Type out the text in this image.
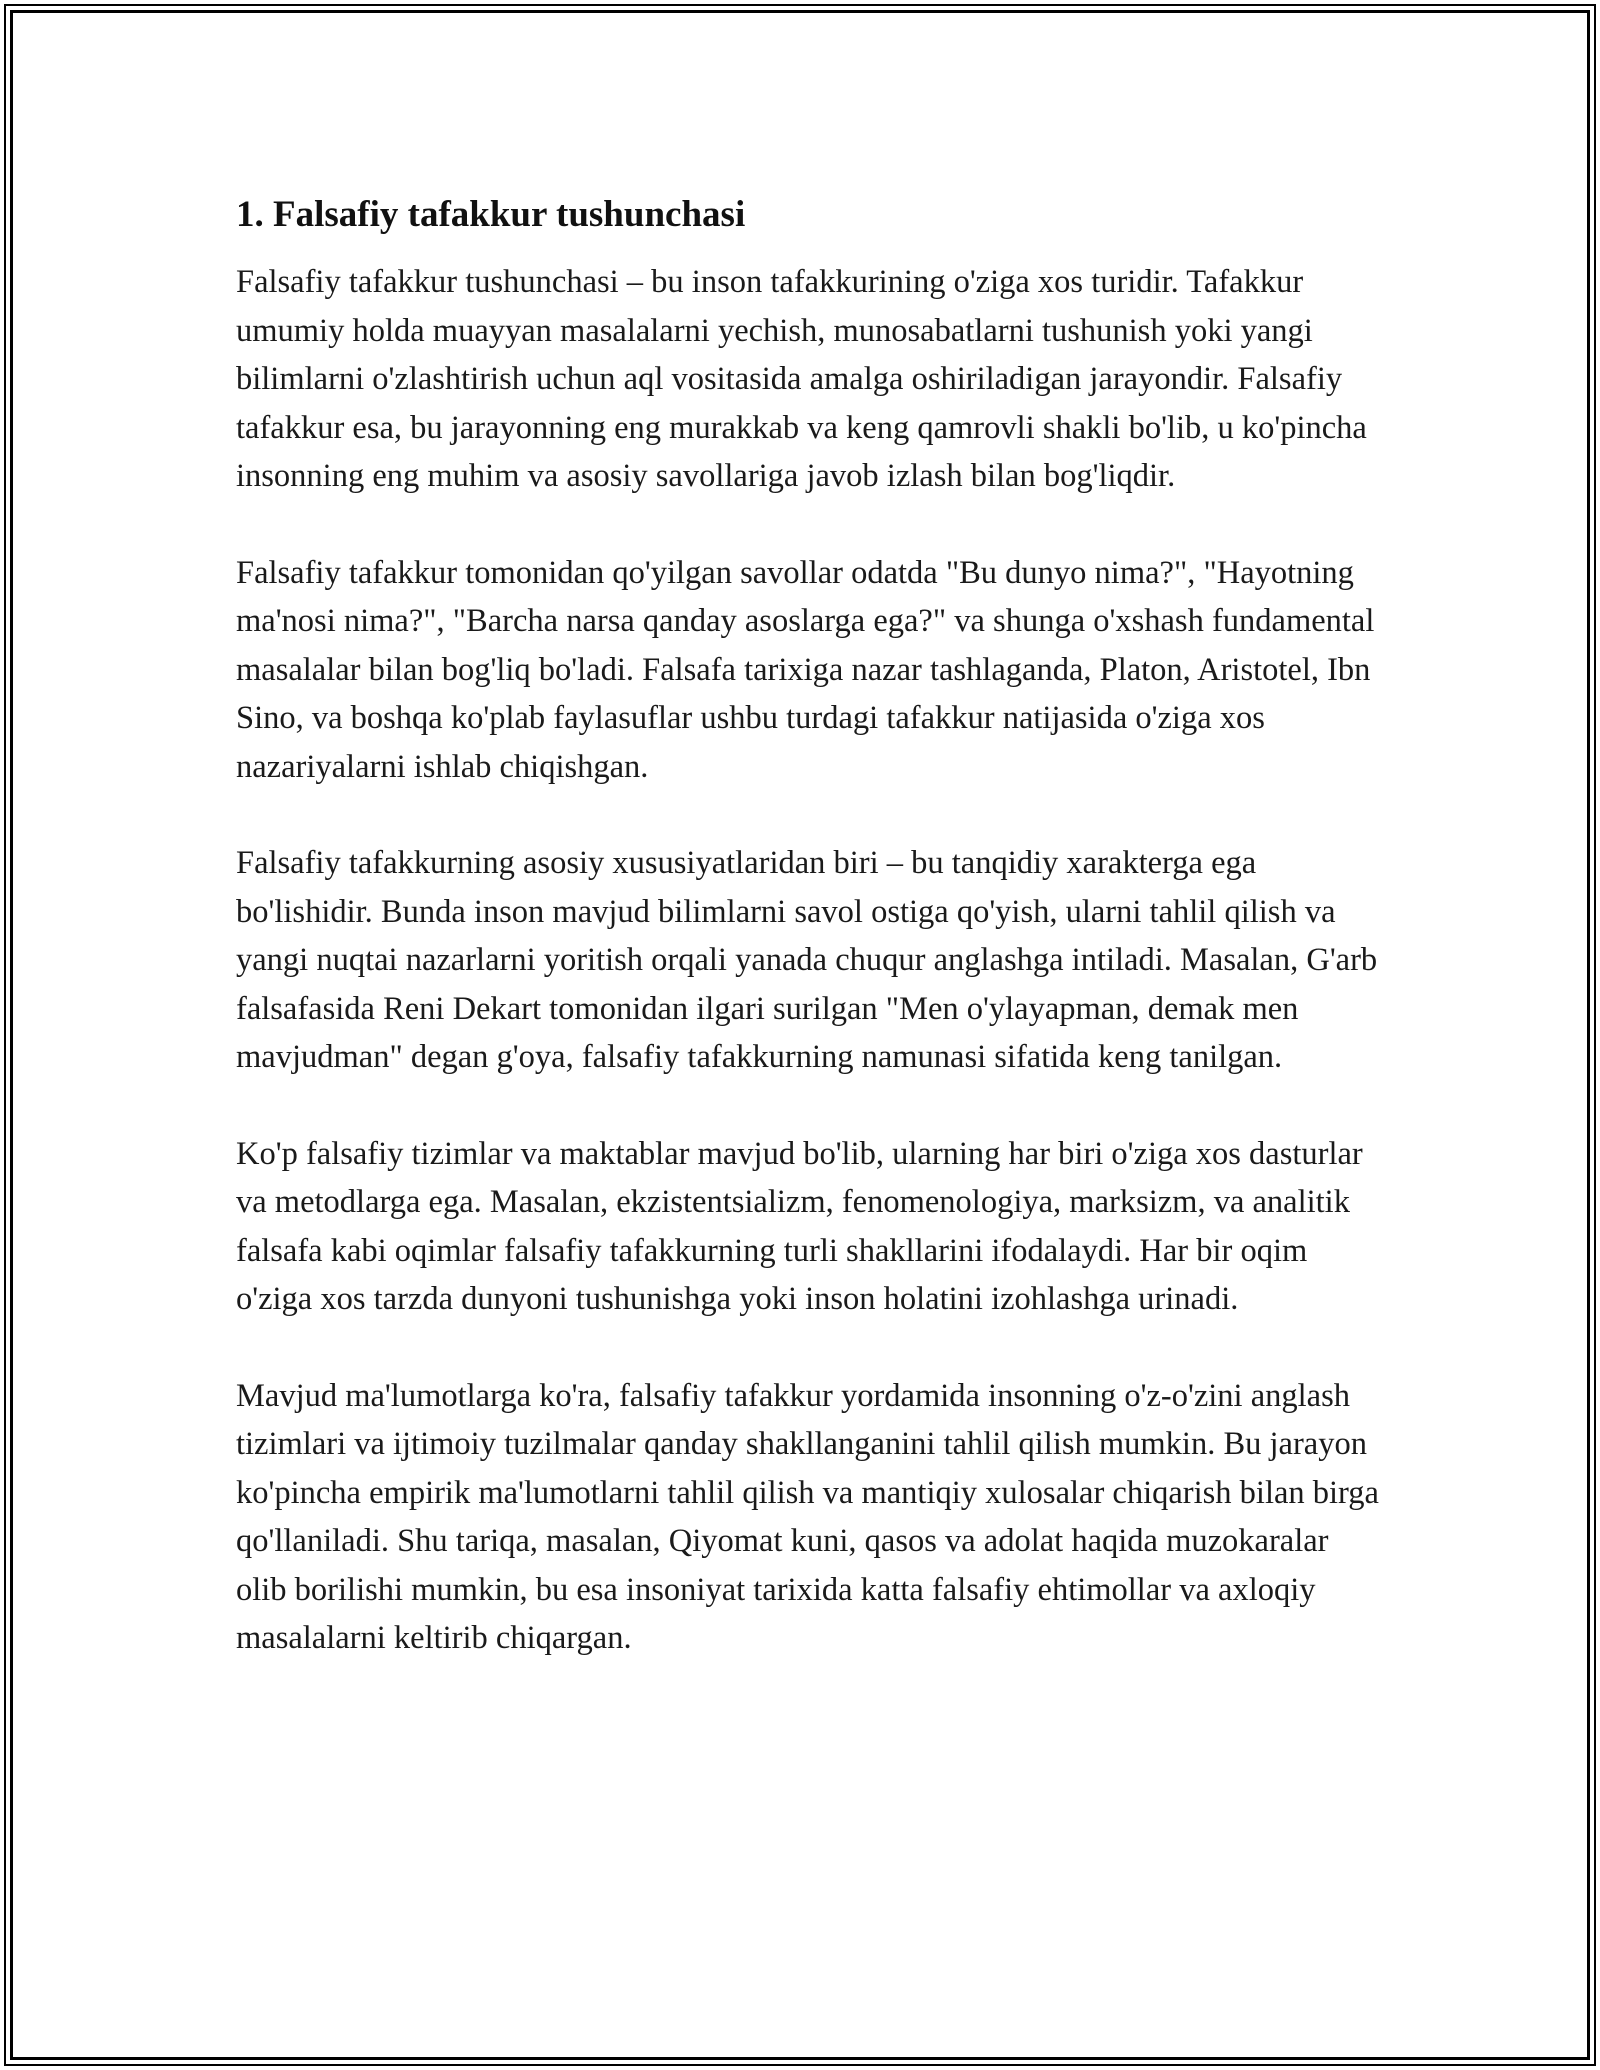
1. Falsafiy tafakkur tushunchasi

Falsafiy tafakkur tushunchasi – bu inson tafakkurining o'ziga xos turidir. Tafakkur umumiy holda muayyan masalalarni yechish, munosabatlarni tushunish yoki yangi bilimlarni o'zlashtirish uchun aql vositasida amalga oshiriladigan jarayondir. Falsafiy tafakkur esa, bu jarayonning eng murakkab va keng qamrovli shakli bo'lib, u ko'pincha insonning eng muhim va asosiy savollariga javob izlash bilan bog'liqdir.

Falsafiy tafakkur tomonidan qo'yilgan savollar odatda "Bu dunyo nima?", "Hayotning ma'nosi nima?", "Barcha narsa qanday asoslarga ega?" va shunga o'xshash fundamental masalalar bilan bog'liq bo'ladi. Falsafa tarixiga nazar tashlaganda, Platon, Aristotel, Ibn Sino, va boshqa ko'plab faylasuflar ushbu turdagi tafakkur natijasida o'ziga xos nazariyalarni ishlab chiqishgan.

Falsafiy tafakkurning asosiy xususiyatlaridan biri – bu tanqidiy xarakterga ega bo'lishidir. Bunda inson mavjud bilimlarni savol ostiga qo'yish, ularni tahlil qilish va yangi nuqtai nazarlarni yoritish orqali yanada chuqur anglashga intiladi. Masalan, G'arb falsafasida Reni Dekart tomonidan ilgari surilgan "Men o'ylayapman, demak men mavjudman" degan g'oya, falsafiy tafakkurning namunasi sifatida keng tanilgan.

Ko'p falsafiy tizimlar va maktablar mavjud bo'lib, ularning har biri o'ziga xos dasturlar va metodlarga ega. Masalan, ekzistentsializm, fenomenologiya, marksizm, va analitik falsafa kabi oqimlar falsafiy tafakkurning turli shakllarini ifodalaydi. Har bir oqim o'ziga xos tarzda dunyoni tushunishga yoki inson holatini izohlashga urinadi.

Mavjud ma'lumotlarga ko'ra, falsafiy tafakkur yordamida insonning o'z-o'zini anglash tizimlari va ijtimoiy tuzilmalar qanday shakllanganini tahlil qilish mumkin. Bu jarayon ko'pincha empirik ma'lumotlarni tahlil qilish va mantiqiy xulosalar chiqarish bilan birga qo'llaniladi. Shu tariqa, masalan, Qiyomat kuni, qasos va adolat haqida muzokaralar olib borilishi mumkin, bu esa insoniyat tarixida katta falsafiy ehtimollar va axloqiy masalalarni keltirib chiqargan.
